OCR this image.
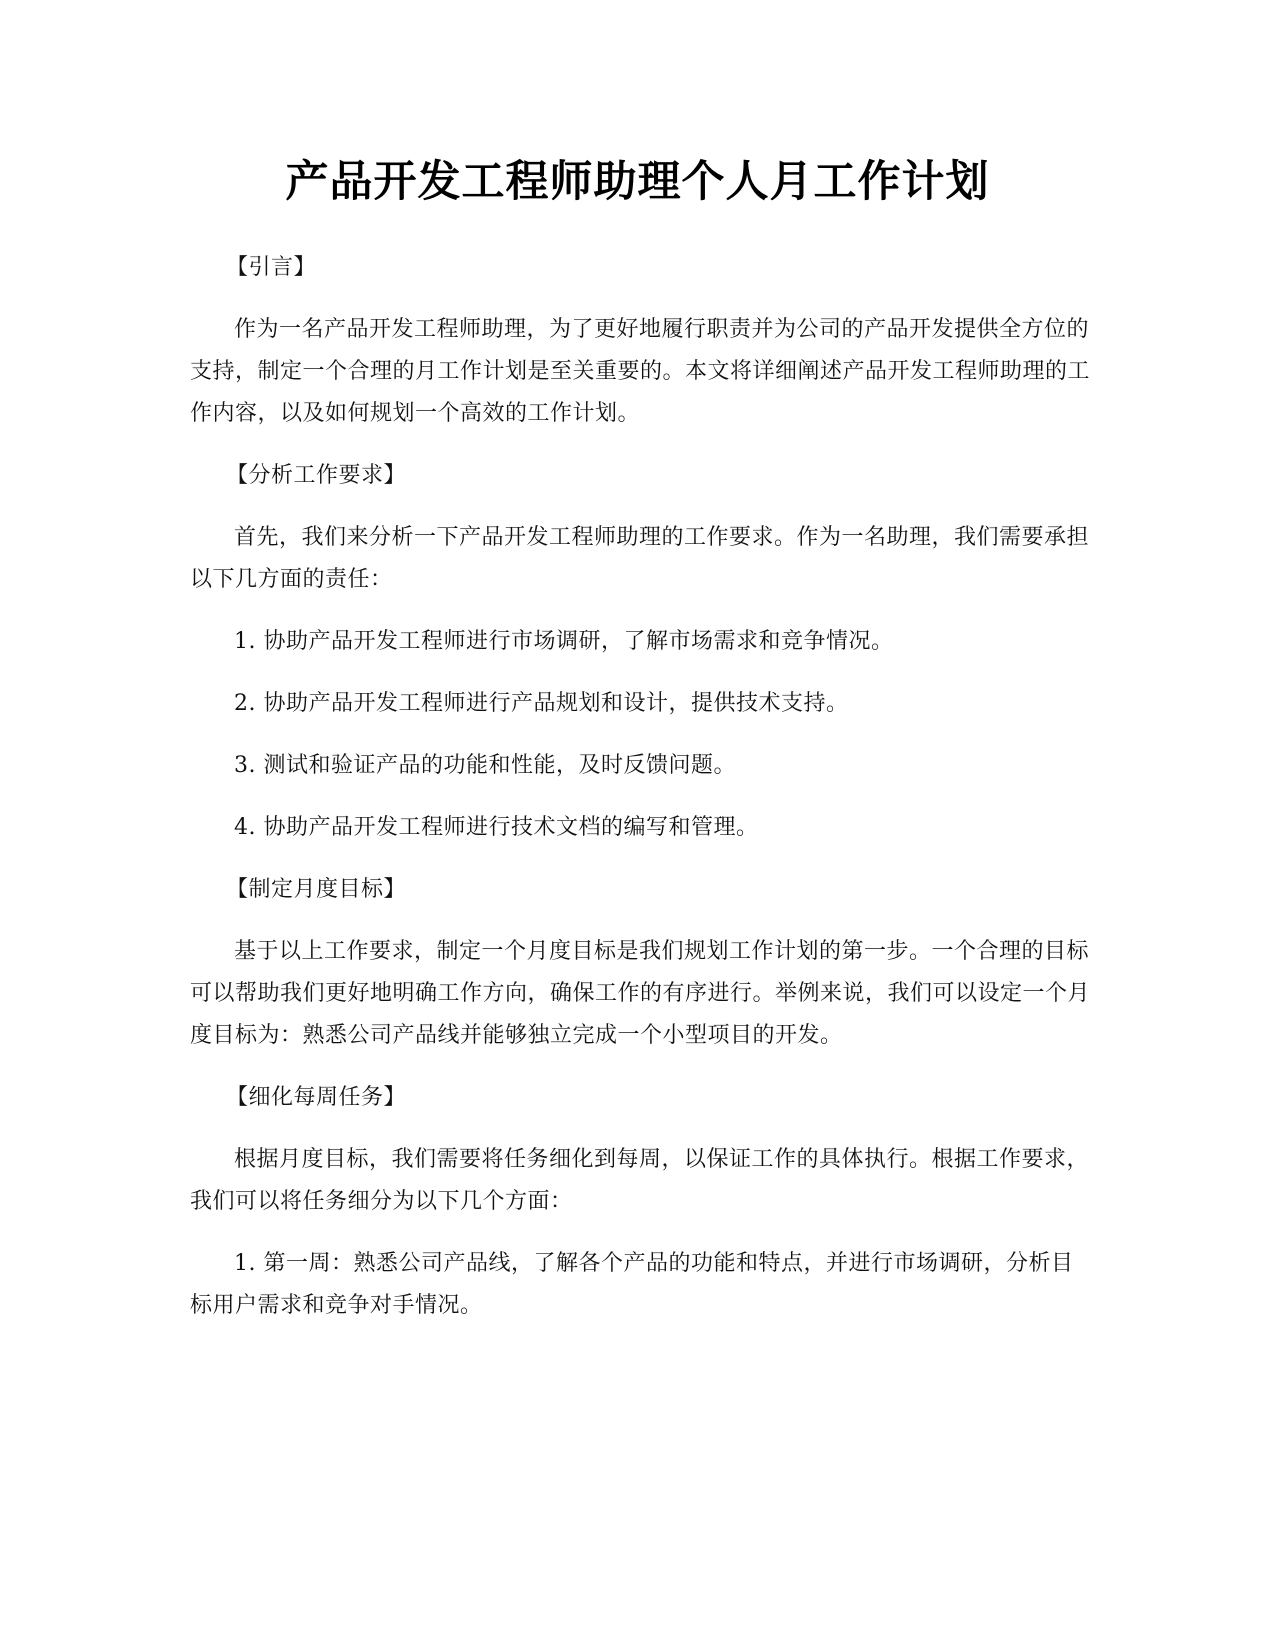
产品开发工程师助理个人月工作计划

【引言】

作为一名产品开发工程师助理，为了更好地履行职责并为公司的产品开发提供全方位的支持，制定一个合理的月工作计划是至关重要的。本文将详细阐述产品开发工程师助理的工作内容，以及如何规划一个高效的工作计划。

【分析工作要求】

首先，我们来分析一下产品开发工程师助理的工作要求。作为一名助理，我们需要承担以下几方面的责任：

1. 协助产品开发工程师进行市场调研，了解市场需求和竞争情况。

2. 协助产品开发工程师进行产品规划和设计，提供技术支持。

3. 测试和验证产品的功能和性能，及时反馈问题。

4. 协助产品开发工程师进行技术文档的编写和管理。

【制定月度目标】

基于以上工作要求，制定一个月度目标是我们规划工作计划的第一步。一个合理的目标可以帮助我们更好地明确工作方向，确保工作的有序进行。举例来说，我们可以设定一个月度目标为：熟悉公司产品线并能够独立完成一个小型项目的开发。

【细化每周任务】

根据月度目标，我们需要将任务细化到每周，以保证工作的具体执行。根据工作要求，我们可以将任务细分为以下几个方面：

1. 第一周：熟悉公司产品线，了解各个产品的功能和特点，并进行市场调研，分析目标用户需求和竞争对手情况。
